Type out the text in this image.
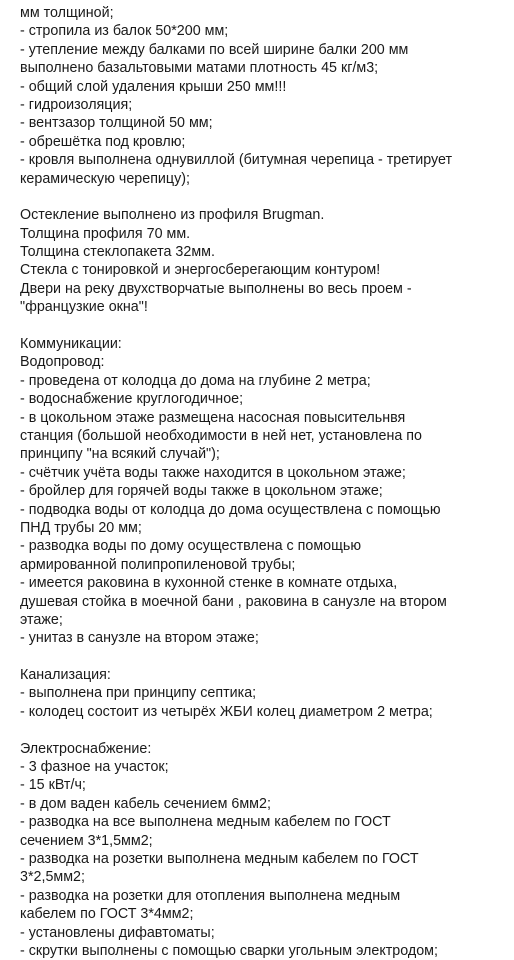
мм толщиной;
- стропила из балок 50*200 мм;
- утепление между балками по всей ширине балки 200 мм
выполнено базальтовыми матами плотность 45 кг/м3;
- общий слой удаления крыши 250 мм!!!
- гидроизоляция;
- вентзазор толщиной 50 мм;
- обрешётка под кровлю;
- кровля выполнена однувиллой (битумная черепица - третирует
керамическую черепицу);
Остекление выполнено из профиля Brugman.
Толщина профиля 70 мм.
Толщина стеклопакета 32мм.
Стекла с тонировкой и энергосберегающим контуром!
Двери на реку двухстворчатые выполнены во весь проем -
"французкие окна"!
Коммуникации:
Водопровод:
- проведена от колодца до дома на глубине 2 метра;
- водоснабжение круглогодичное;
- в цокольном этаже размещена насосная повысительнвя
станция (большой необходимости в ней нет, установлена по
принципу "на всякий случай");
- счётчик учёта воды также находится в цокольном этаже;
- бройлер для горячей воды также в цокольном этаже;
- подводка воды от колодца до дома осуществлена с помощью
ПНД трубы 20 мм;
- разводка воды по дому осуществлена с помощью
армированной полипропиленовой трубы;
- имеется раковина в кухонной стенке в комнате отдыха,
душевая стойка в моечной бани , раковина в санузле на втором
этаже;
- унитаз в санузле на втором этаже;
Канализация:
- выполнена при принципу септика;
- колодец состоит из четырёх ЖБИ колец диаметром 2 метра;
Электроснабжение:
- 3 фазное на участок;
- 15 кВт/ч;
- в дом ваден кабель сечением 6мм2;
- разводка на все выполнена медным кабелем по ГОСТ
сечением 3*1,5мм2;
- разводка на розетки выполнена медным кабелем по ГОСТ
3*2,5мм2;
- разводка на розетки для отопления выполнена медным
кабелем по ГОСТ 3*4мм2;
- установлены дифавтоматы;
- скрутки выполнены с помощью сварки угольным электродом;
